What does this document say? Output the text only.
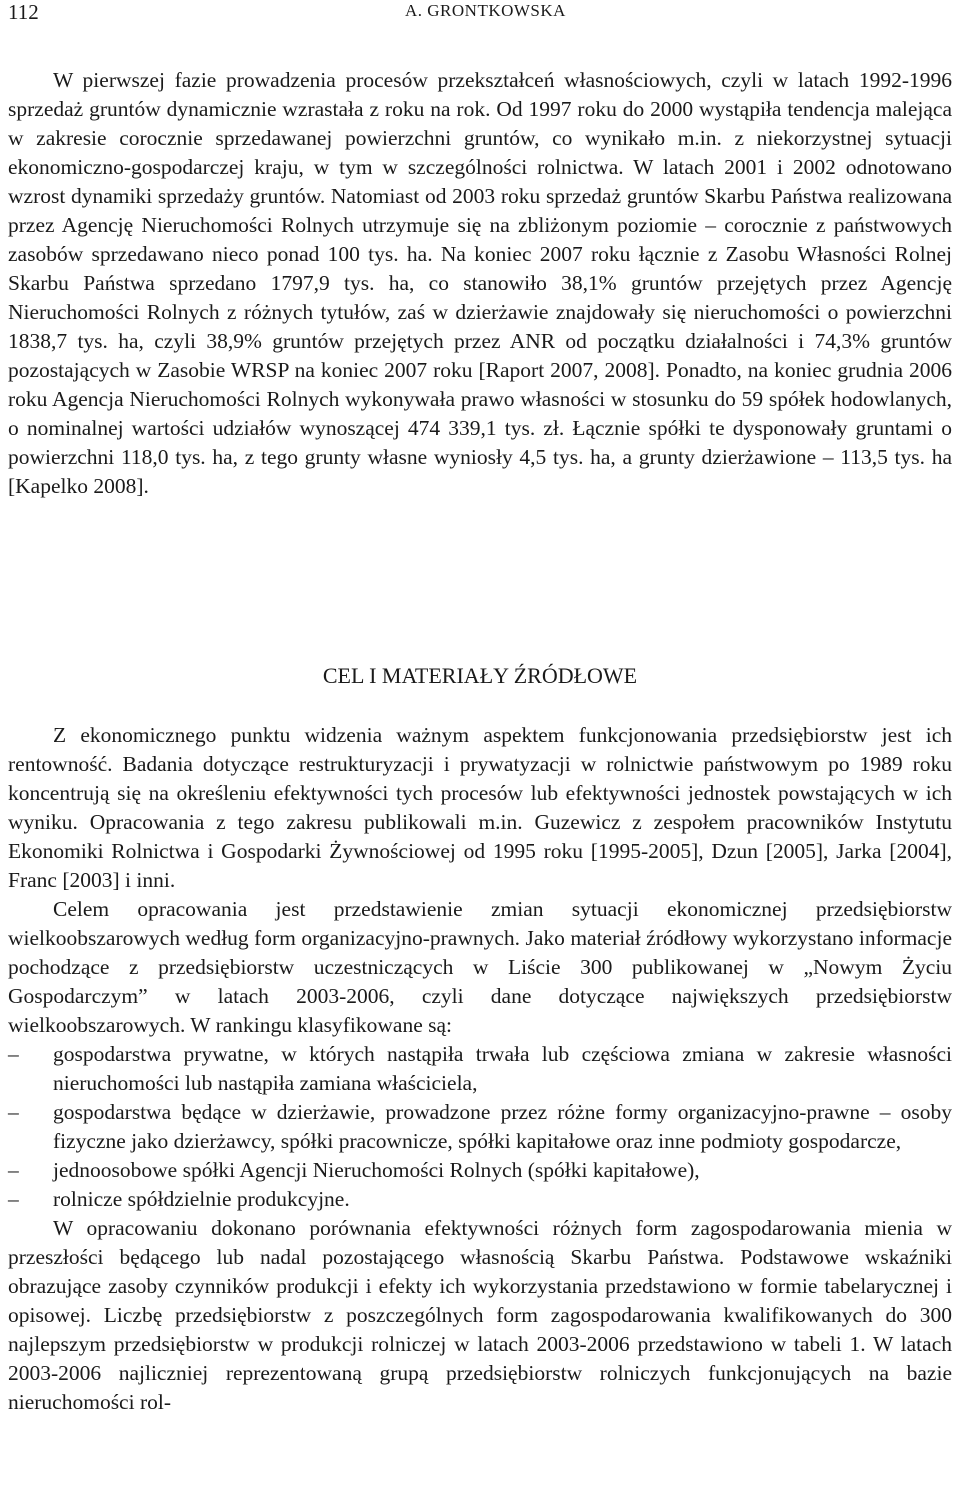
112	A. GRONTKOWSKA

W pierwszej fazie prowadzenia procesów przekształceń własnościowych, czyli w latach 1992-1996 sprzedaż gruntów dynamicznie wzrastała z roku na rok. Od 1997 roku do 2000 wystąpiła tendencja malejąca w zakresie corocznie sprzedawanej powierzchni gruntów, co wynikało m.in. z niekorzystnej sytuacji ekonomiczno-gospodarczej kraju, w tym w szczególności rolnictwa. W latach 2001 i 2002 odnotowano wzrost dynamiki sprzedaży gruntów. Natomiast od 2003 roku sprzedaż gruntów Skarbu Państwa realizowana przez Agencję Nieruchomości Rolnych utrzymuje się na zbliżonym poziomie – corocznie z państwowych zasobów sprzedawano nieco ponad 100 tys. ha. Na koniec 2007 roku łącznie z Zasobu Własności Rolnej Skarbu Państwa sprzedano 1797,9 tys. ha, co stanowiło 38,1% gruntów przejętych przez Agencję Nieruchomości Rolnych z różnych tytułów, zaś w dzierżawie znajdowały się nieruchomości o powierzchni 1838,7 tys. ha, czyli 38,9% gruntów przejętych przez ANR od początku działalności i 74,3% gruntów pozostających w Zasobie WRSP na koniec 2007 roku [Raport 2007, 2008]. Ponadto, na koniec grudnia 2006 roku Agencja Nieruchomości Rolnych wykonywała prawo własności w stosunku do 59 spółek hodowlanych, o nominalnej wartości udziałów wynoszącej 474 339,1 tys. zł. Łącznie spółki te dysponowały gruntami o powierzchni 118,0 tys. ha, z tego grunty własne wyniosły 4,5 tys. ha, a grunty dzierżawione – 113,5 tys. ha [Kapelko 2008].

CEL I MATERIAŁY ŹRÓDŁOWE

Z ekonomicznego punktu widzenia ważnym aspektem funkcjonowania przedsiębiorstw jest ich rentowność. Badania dotyczące restrukturyzacji i prywatyzacji w rolnictwie państwowym po 1989 roku koncentrują się na określeniu efektywności tych procesów lub efektywności jednostek powstających w ich wyniku. Opracowania z tego zakresu publikowali m.in. Guzewicz z zespołem pracowników Instytutu Ekonomiki Rolnictwa i Gospodarki Żywnościowej od 1995 roku [1995-2005], Dzun [2005], Jarka [2004], Franc [2003] i inni.

Celem opracowania jest przedstawienie zmian sytuacji ekonomicznej przedsiębiorstw wielkoobszarowych według form organizacyjno-prawnych. Jako materiał źródłowy wykorzystano informacje pochodzące z przedsiębiorstw uczestniczących w Liście 300 publikowanej w „Nowym Życiu Gospodarczym” w latach 2003-2006, czyli dane dotyczące największych przedsiębiorstw wielkoobszarowych. W rankingu klasyfikowane są:

– gospodarstwa prywatne, w których nastąpiła trwała lub częściowa zmiana w zakresie własności nieruchomości lub nastąpiła zamiana właściciela,
– gospodarstwa będące w dzierżawie, prowadzone przez różne formy organizacyjno-prawne – osoby fizyczne jako dzierżawcy, spółki pracownicze, spółki kapitałowe oraz inne podmioty gospodarcze,
– jednoosobowe spółki Agencji Nieruchomości Rolnych (spółki kapitałowe),
– rolnicze spółdzielnie produkcyjne.

W opracowaniu dokonano porównania efektywności różnych form zagospodarowania mienia w przeszłości będącego lub nadal pozostającego własnością Skarbu Państwa. Podstawowe wskaźniki obrazujące zasoby czynników produkcji i efekty ich wykorzystania przedstawiono w formie tabelarycznej i opisowej. Liczbę przedsiębiorstw z poszczególnych form zagospodarowania kwalifikowanych do 300 najlepszym przedsiębiorstw w produkcji rolniczej w latach 2003-2006 przedstawiono w tabeli 1. W latach 2003-2006 najliczniej reprezentowaną grupą przedsiębiorstw rolniczych funkcjonujących na bazie nieruchomości rol-
